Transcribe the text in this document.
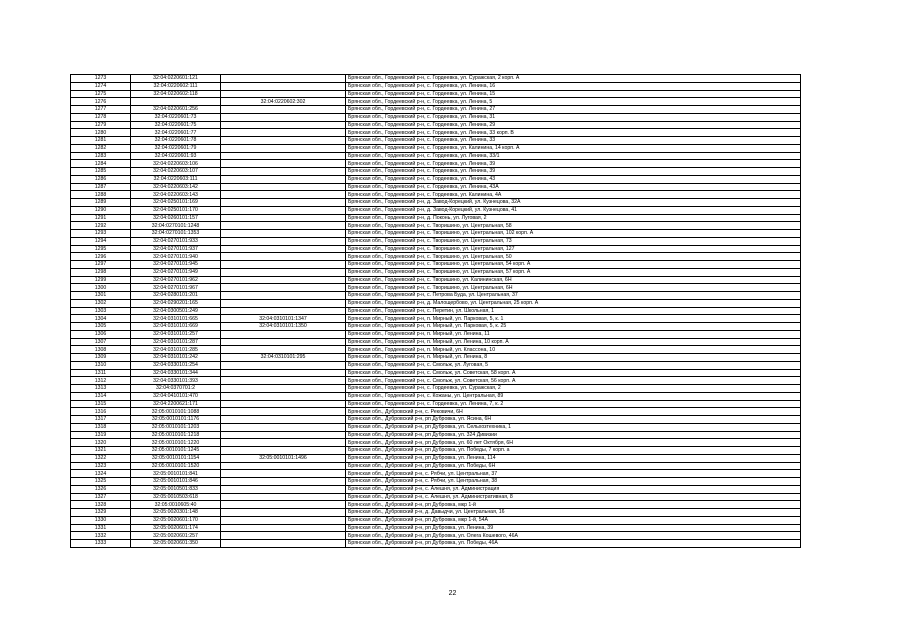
1273	32:04:0220601:121		Брянская обл., Гордеевский р-н, с. Гордеевка, ул. Суражская, 2 корп. А
1274	32:04:0220602:111		Брянская обл., Гордеевский р-н, с. Гордеевка, ул. Ленина, 16
1275	32:04:0220602:118		Брянская обл., Гордеевский р-н, с. Гордеевка, ул. Ленина, 15
1276		32:04:0220602:302	Брянская обл., Гордеевский р-н, с. Гордеевка, ул. Ленина, 5
1277	32:04:0220601:256		Брянская обл., Гордеевский р-н, с. Гордеевка, ул. Ленина, 27
1278	32:04:0220601:73		Брянская обл., Гордеевский р-н, с. Гордеевка, ул. Ленина, 31
1279	32:04:0220601:75		Брянская обл., Гордеевский р-н, с. Гордеевка, ул. Ленина, 29
1280	32:04:0220601:77		Брянская обл., Гордеевский р-н, с. Гордеевка, ул. Ленина, 33 корп. В
1281	32:04:0220601:78		Брянская обл., Гордеевский р-н, с. Гордеевка, ул. Ленина, 33
1282	32:04:0220601:79		Брянская обл., Гордеевский р-н, с. Гордеевка, ул. Калинина, 14 корп. А
1283	32:04:0220601:93		Брянская обл., Гордеевский р-н, с. Гордеевка, ул. Ленина, 33/1
1284	32:04:0220603:106		Брянская обл., Гордеевский р-н, с. Гордеевка, ул. Ленина, 39
1285	32:04:0220603:107		Брянская обл., Гордеевский р-н, с. Гордеевка, ул. Ленина, 39
1286	32:04:0220603:111		Брянская обл., Гордеевский р-н, с. Гордеевка, ул. Ленина, 43
1287	32:04:0220603:142		Брянская обл., Гордеевский р-н, с. Гордеевка, ул. Ленина, 43А
1288	32:04:0220603:143		Брянская обл., Гордеевский р-н, с. Гордеевка, ул. Калинина, 4А
1289	32:04:0250101:169		Брянская обл., Гордеевский р-н, д. Завод-Корецкий, ул. Кузнецова, 32А
1290	32:04:0250101:170		Брянская обл., Гордеевский р-н, д. Завод-Корецкий, ул. Кузнецова, 41
1291	32:04:0260101:157		Брянская обл., Гордеевский р-н, д. Поконь, ул. Луговая, 2
1292	32:04:0270101:1248		Брянская обл., Гордеевский р-н, с. Творишино, ул. Центральная, 58
1293	32:04:0270101:1353		Брянская обл., Гордеевский р-н, с. Творишино, ул. Центральная, 102 корп. А
1294	32:04:0270101:933		Брянская обл., Гордеевский р-н, с. Творишино, ул. Центральная, 73
1295	32:04:0270101:937		Брянская обл., Гордеевский р-н, с. Творишино, ул. Центральная, 127
1296	32:04:0270101:940		Брянская обл., Гордеевский р-н, с. Творишино, ул. Центральная, 50
1297	32:04:0270101:945		Брянская обл., Гордеевский р-н, с. Творишино, ул. Центральная, 54 корп. А
1298	32:04:0270101:949		Брянская обл., Гордеевский р-н, с. Творишино, ул. Центральная, 57 корп. А
1299	32:04:0270101:962		Брянская обл., Гордеевский р-н, с. Творишино, ул. Калининская, 6Н
1300	32:04:0270101:967		Брянская обл., Гордеевский р-н, с. Творишино, ул. Центральная, 6Н
1301	32:04:0280101:201		Брянская обл., Гордеевский р-н, с. Петрова Буда, ул. Центральная, 37
1302	32:04:0290201:165		Брянская обл., Гордеевский р-н, д. Малощербово, ул. Центральная, 25 корп. А
1303	32:04:0300501:249		Брянская обл., Гордеевский р-н, с. Перетин, ул. Школьная, 1
1304	32:04:0310101:665	32:04:0310101:1347	Брянская обл., Гордеевский р-н, п. Мирный, ул. Парковая, 5, к. 1
1305	32:04:0310101:669	32:04:0310101:1350	Брянская обл., Гордеевский р-н, п. Мирный, ул. Парковая, 5, к. 25
1306	32:04:0310101:257		Брянская обл., Гордеевский р-н, п. Мирный, ул. Ленина, 11
1307	32:04:0310101:287		Брянская обл., Гордеевский р-н, п. Мирный, ул. Ленина, 10 корп. А
1308	32:04:0310101:285		Брянская обл., Гордеевский р-н, п. Мирный, ул. Классона, 10
1309	32:04:0310101:242	32:04:0310101:295	Брянская обл., Гордеевский р-н, п. Мирный, ул. Ленина, 8
1310	32:04:0330101:254		Брянская обл., Гордеевский р-н, с. Смольж, ул. Луговая, 5
1311	32:04:0330101:344		Брянская обл., Гордеевский р-н, с. Смольж, ул. Советская, 58 корп. А
1312	32:04:0330101:393		Брянская обл., Гордеевский р-н, с. Смольж, ул. Советская, 56 корп. А
1313	32:04:0370701:2		Брянская обл., Гордеевский р-н, с. Гордеевка, ул. Суражская, 2
1314	32:04:0410101:470		Брянская обл., Гордеевский р-н, с. Кожаны, ул. Центральная, 89
1315	32:04:2200621:171		Брянская обл., Гордеевский р-н, с. Гордеевка, ул. Ленина, 7, к. 2
1316	32:05:0010101:1088		Брянская обл., Дубровский р-н, с. Рековичи, 6Н
1317	32:05:0010101:1176		Брянская обл., Дубровский р-н, рп Дубровка, ул. Ясина, 6Н
1318	32:05:0010101:1203		Брянская обл., Дубровский р-н, рп Дубровка, ул. Сельхозтехника, 1
1319	32:05:0010101:1218		Брянская обл., Дубровский р-н, рп Дубровка, ул. 324 Дивизии
1320	32:05:0010101:1220		Брянская обл., Дубровский р-н, рп Дубровка, ул. 60 лет Октября, 6Н
1321	32:05:0010101:1245		Брянская обл., Дубровский р-н, рп Дубровка, ул. Победы, 7 корп. а
1322	32:05:0010101:1154	32:05:0010101:1496	Брянская обл., Дубровский р-н, рп Дубровка, ул. Ленина, 114
1323	32:05:0010101:1520		Брянская обл., Дубровский р-н, рп Дубровка, ул. Победы, 6Н
1324	32:05:0010101:841		Брянская обл., Дубровский р-н, с. Рябчи, ул. Центральная, 37
1325	32:05:0010101:846		Брянская обл., Дубровский р-н, с. Рябчи, ул. Центральная, 38
1326	32:05:0010501:833		Брянская обл., Дубровский р-н, с. Алешня, ул. Администрация
1327	32:05:0010503:618		Брянская обл., Дубровский р-н, с. Алешня, ул. Административная, 8
1328	32:05:0010605:40		Брянская обл., Дубровский р-н, рп Дубровка, мкр 1-й
1329	32:05:0020301:148		Брянская обл., Дубровский р-н, д. Давыдчи, ул. Центральная, 16
1330	32:05:0020601:170		Брянская обл., Дубровский р-н, рп Дубровка, мкр 1-й, 54А
1331	32:05:0020601:174		Брянская обл., Дубровский р-н, рп Дубровка, ул. Ленина, 39
1332	32:05:0020601:257		Брянская обл., Дубровский р-н, рп Дубровка, ул. Олега Кошевого, 46А
1333	32:05:0020601:350		Брянская обл., Дубровский р-н, рп Дубровка, ул. Победы, 46А
22
